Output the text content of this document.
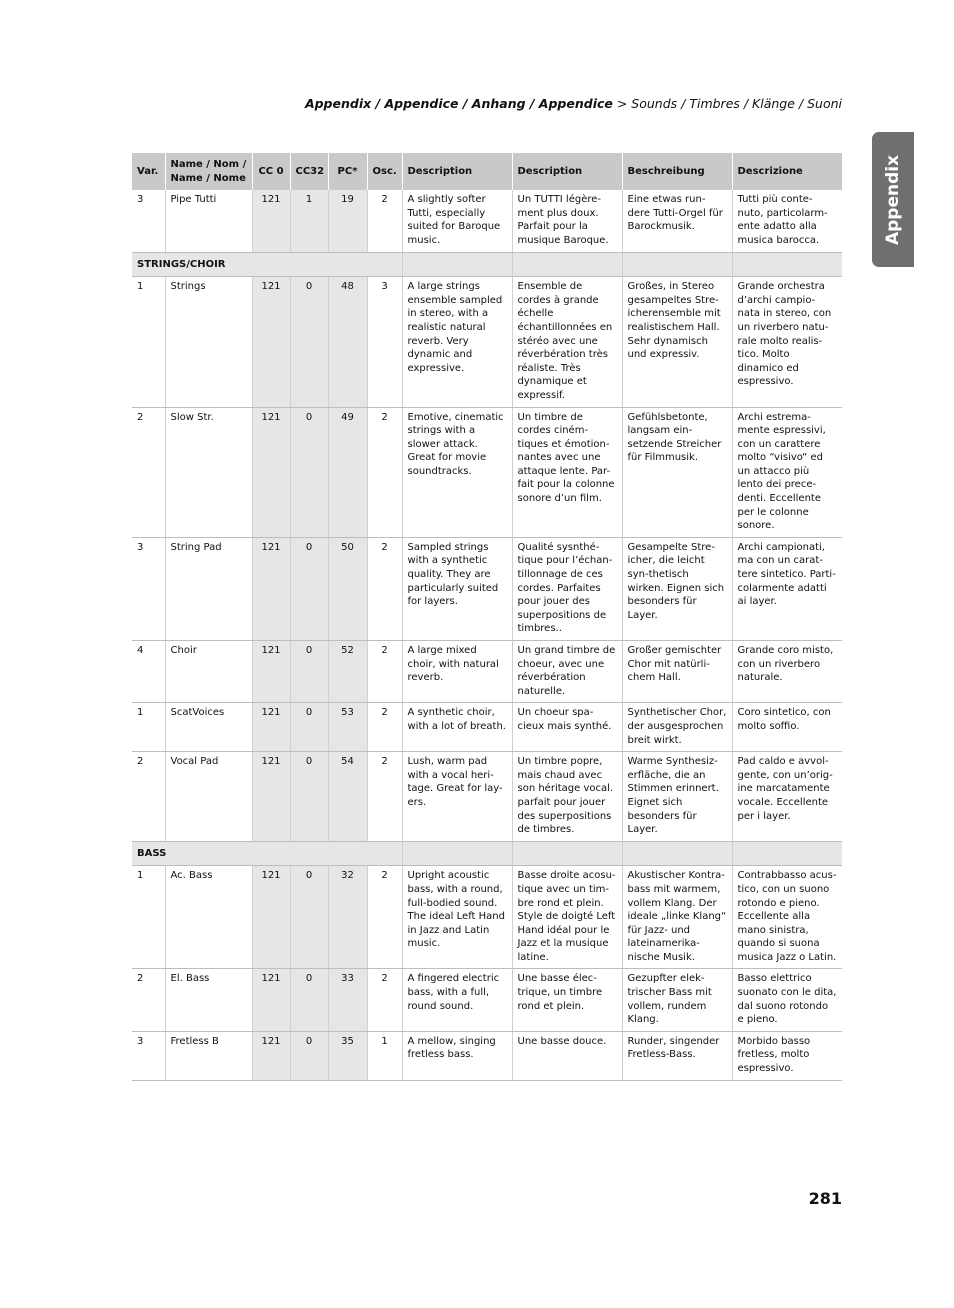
Appendix / Appendice / Anhang / Appendice > Sounds / Timbres / Klänge / Suoni
Appendix
Var.	Name / Nom / Name / Nome	CC 0	CC32	PC*	Osc.	Description	Description	Beschreibung	Descrizione
3	Pipe Tutti	121	1	19	2	A slightly softer Tutti, especially suited for Baroque music.	Un TUTTI légère-ment plus doux. Parfait pour la musique Baroque.	Eine etwas run-dere Tutti-Orgel für Barockmusik.	Tutti più conte-nuto, particolarm-ente adatto alla musica barocca.
STRINGS/CHOIR									
1	Strings	121	0	48	3	A large strings ensemble sampled in stereo, with a realistic natural reverb. Very dynamic and expressive.	Ensemble de cordes à grande échelle échantillonnées en stéréo avec une réverbération très réaliste. Très dynamique et expressif.	Großes, in Stereo gesampeltes Stre-icherensemble mit realistischem Hall. Sehr dynamisch und expressiv.	Grande orchestra d’archi campio-nata in stereo, con un riverbero natu-rale molto realis-tico. Molto dinamico ed espressivo.
2	Slow Str.	121	0	49	2	Emotive, cinematic strings with a slower attack. Great for movie soundtracks.	Un timbre de cordes ciném-tiques et émotion-nantes avec une attaque lente. Par-fait pour la colonne sonore d’un film.	Gefühlsbetonte, langsam ein-setzende Streicher für Filmmusik.	Archi estrema-mente espressivi, con un carattere molto “visivo“ ed un attacco più lento dei prece-denti. Eccellente per le colonne sonore.
3	String Pad	121	0	50	2	Sampled strings with a synthetic quality. They are particularly suited for layers.	Qualité sysnthé-tique pour l’échan-tillonnage de ces cordes. Parfaites pour jouer des superpositions de timbres..	Gesampelte Stre-icher, die leicht syn-thetisch wirken. Eignen sich besonders für Layer.	Archi campionati, ma con un carat-tere sintetico. Parti-colarmente adatti ai layer.
4	Choir	121	0	52	2	A large mixed choir, with natural reverb.	Un grand timbre de choeur, avec une réverbération naturelle.	Großer gemischter Chor mit natürli-chem Hall.	Grande coro misto, con un riverbero naturale.
1	ScatVoices	121	0	53	2	A synthetic choir, with a lot of breath.	Un choeur spa-cieux mais synthé.	Synthetischer Chor, der ausgesprochen breit wirkt.	Coro sintetico, con molto soffio.
2	Vocal Pad	121	0	54	2	Lush, warm pad with a vocal heri-tage. Great for lay-ers.	Un timbre popre, mais chaud avec son héritage vocal. parfait pour jouer des superpositions de timbres.	Warme Synthesiz-erfläche, die an Stimmen erinnert. Eignet sich besonders für Layer.	Pad caldo e avvol-gente, con un’orig-ine marcatamente vocale. Eccellente per i layer.
BASS									
1	Ac. Bass	121	0	32	2	Upright acoustic bass, with a round, full-bodied sound. The ideal Left Hand in Jazz and Latin music.	Basse droite acosu-tique avec un tim-bre rond et plein. Style de doigté Left Hand idéal pour le Jazz et la musique latine.	Akustischer Kontra-bass mit warmem, vollem Klang. Der ideale „linke Klang“ für Jazz- und lateinamerika-nische Musik.	Contrabbasso acus-tico, con un suono rotondo e pieno. Eccellente alla mano sinistra, quando si suona musica Jazz o Latin.
2	El. Bass	121	0	33	2	A fingered electric bass, with a full, round sound.	Une basse élec-trique, un timbre rond et plein.	Gezupfter elek-trischer Bass mit vollem, rundem Klang.	Basso elettrico suonato con le dita, dal suono rotondo e pieno.
3	Fretless B	121	0	35	1	A mellow, singing fretless bass.	Une basse douce.	Runder, singender Fretless-Bass.	Morbido basso fretless, molto espressivo.
281
